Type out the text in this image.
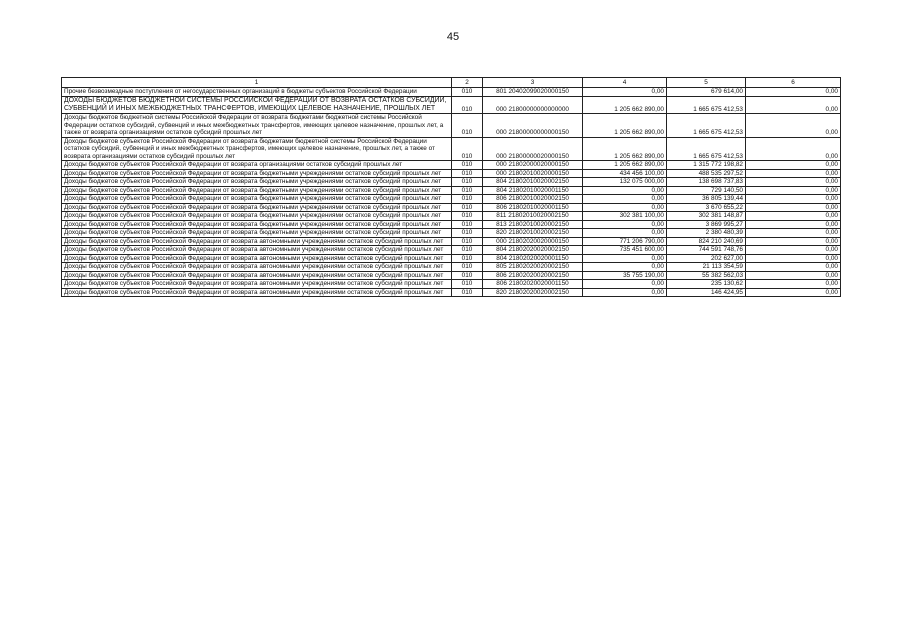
45
1	2	3	4	5	6
Прочие безвозмездные поступления от негосударственных организаций в бюджеты субъектов Российской Федерации	010	801 20402099020000150	0,00	679 614,00	0,00
ДОХОДЫ БЮДЖЕТОВ БЮДЖЕТНОЙ СИСТЕМЫ РОССИЙСКОЙ ФЕДЕРАЦИИ ОТ ВОЗВРАТА ОСТАТКОВ СУБСИДИЙ, СУБВЕНЦИЙ И ИНЫХ МЕЖБЮДЖЕТНЫХ ТРАНСФЕРТОВ, ИМЕЮЩИХ ЦЕЛЕВОЕ НАЗНАЧЕНИЕ, ПРОШЛЫХ ЛЕТ	010	000 21800000000000000	1 205 662 890,00	1 665 675 412,53	0,00
Доходы бюджетов бюджетной системы Российской Федерации от возврата бюджетами бюджетной системы Российской Федерации остатков субсидий, субвенций и иных межбюджетных трансфертов, имеющих целевое назначение, прошлых лет, а также от возврата организациями остатков субсидий прошлых лет	010	000 21800000000000150	1 205 662 890,00	1 665 675 412,53	0,00
Доходы бюджетов субъектов Российской Федерации от возврата бюджетами бюджетной системы Российской Федерации остатков субсидий, субвенций и иных межбюджетных трансфертов, имеющих целевое назначение, прошлых лет, а также от возврата организациями остатков субсидий прошлых лет	010	000 21800000020000150	1 205 662 890,00	1 665 675 412,53	0,00
Доходы бюджетов субъектов Российской Федерации от возврата организациями остатков субсидий прошлых лет	010	000 21802000020000150	1 205 662 890,00	1 315 772 198,82	0,00
Доходы бюджетов субъектов Российской Федерации от возврата бюджетными учреждениями остатков субсидий прошлых лет	010	000 21802010020000150	434 456 100,00	488 535 297,52	0,00
Доходы бюджетов субъектов Российской Федерации от возврата бюджетными учреждениями остатков субсидий прошлых лет	010	804 21802010020002150	132 075 000,00	138 698 737,83	0,00
Доходы бюджетов субъектов Российской Федерации от возврата бюджетными учреждениями остатков субсидий прошлых лет	010	804 21802010020001150	0,00	729 140,50	0,00
Доходы бюджетов субъектов Российской Федерации от возврата бюджетными учреждениями остатков субсидий прошлых лет	010	806 21802010020002150	0,00	36 805 139,44	0,00
Доходы бюджетов субъектов Российской Федерации от возврата бюджетными учреждениями остатков субсидий прошлых лет	010	806 21802010020001150	0,00	3 670 655,22	0,00
Доходы бюджетов субъектов Российской Федерации от возврата бюджетными учреждениями остатков субсидий прошлых лет	010	811 21802010020002150	302 381 100,00	302 381 148,87	0,00
Доходы бюджетов субъектов Российской Федерации от возврата бюджетными учреждениями остатков субсидий прошлых лет	010	813 21802010020002150	0,00	3 869 995,27	0,00
Доходы бюджетов субъектов Российской Федерации от возврата бюджетными учреждениями остатков субсидий прошлых лет	010	820 21802010020002150	0,00	2 380 480,39	0,00
Доходы бюджетов субъектов Российской Федерации от возврата автономными учреждениями остатков субсидий прошлых лет	010	000 21802020020000150	771 206 790,00	824 210 240,69	0,00
Доходы бюджетов субъектов Российской Федерации от возврата автономными учреждениями остатков субсидий прошлых лет	010	804 21802020020002150	735 451 600,00	744 591 748,76	0,00
Доходы бюджетов субъектов Российской Федерации от возврата автономными учреждениями остатков субсидий прошлых лет	010	804 21802020020001150	0,00	202 627,00	0,00
Доходы бюджетов субъектов Российской Федерации от возврата автономными учреждениями остатков субсидий прошлых лет	010	805 21802020020002150	0,00	21 113 354,59	0,00
Доходы бюджетов субъектов Российской Федерации от возврата автономными учреждениями остатков субсидий прошлых лет	010	806 21802020020002150	35 755 190,00	55 382 562,03	0,00
Доходы бюджетов субъектов Российской Федерации от возврата автономными учреждениями остатков субсидий прошлых лет	010	806 21802020020001150	0,00	235 130,62	0,00
Доходы бюджетов субъектов Российской Федерации от возврата автономными учреждениями остатков субсидий прошлых лет	010	820 21802020020002150	0,00	146 424,95	0,00
